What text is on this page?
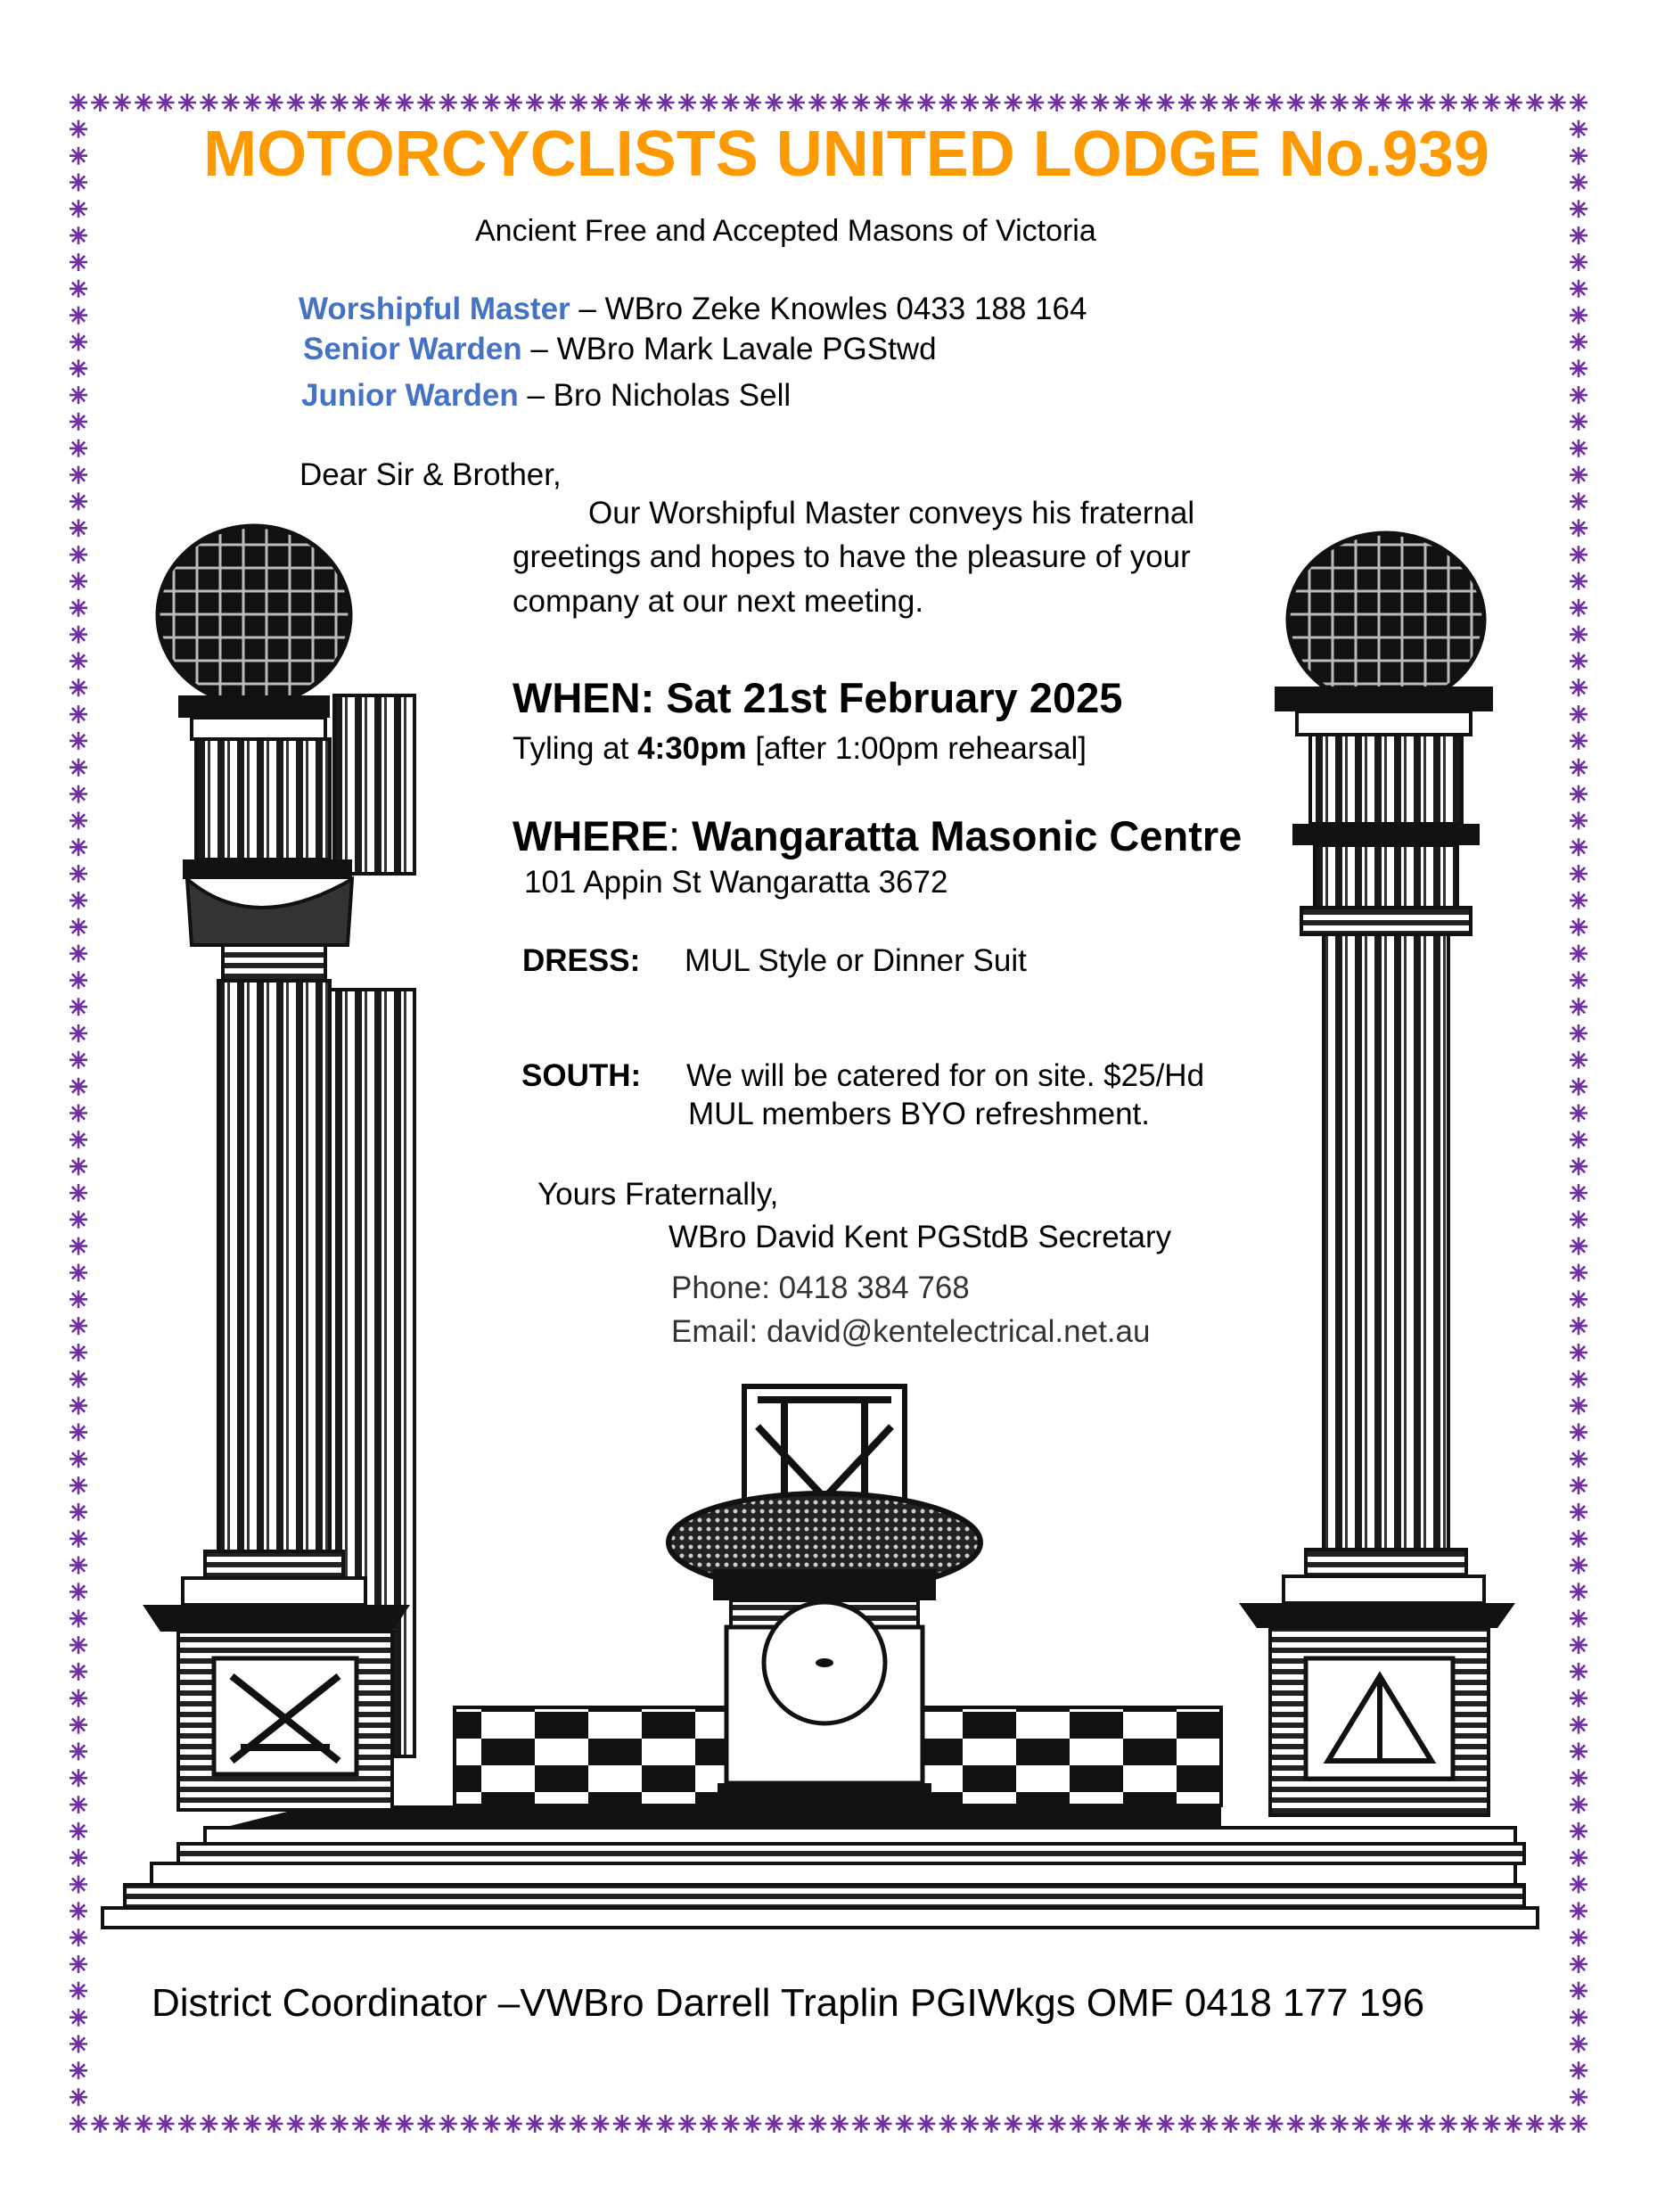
MOTORCYCLISTS UNITED LODGE No.939
Ancient Free and Accepted Masons of Victoria
Worshipful Master – WBro Zeke Knowles 0433 188 164
Senior Warden – WBro Mark Lavale PGStwd
Junior Warden – Bro Nicholas Sell
Dear Sir & Brother,
Our Worshipful Master conveys his fraternal
greetings and hopes to have the pleasure of your
company at our next meeting.
WHEN: Sat 21st February 2025
Tyling at 4:30pm [after 1:00pm rehearsal]
WHERE: Wangaratta Masonic Centre
101 Appin St Wangaratta 3672
DRESS: MUL Style or Dinner Suit
SOUTH: We will be catered for on site. $25/Hd
MUL members BYO refreshment.
Yours Fraternally,
WBro David Kent PGStdB Secretary
Phone: 0418 384 768
Email: david@kentelectrical.net.au
District Coordinator –VWBro Darrell Traplin PGIWkgs OMF 0418 177 196
